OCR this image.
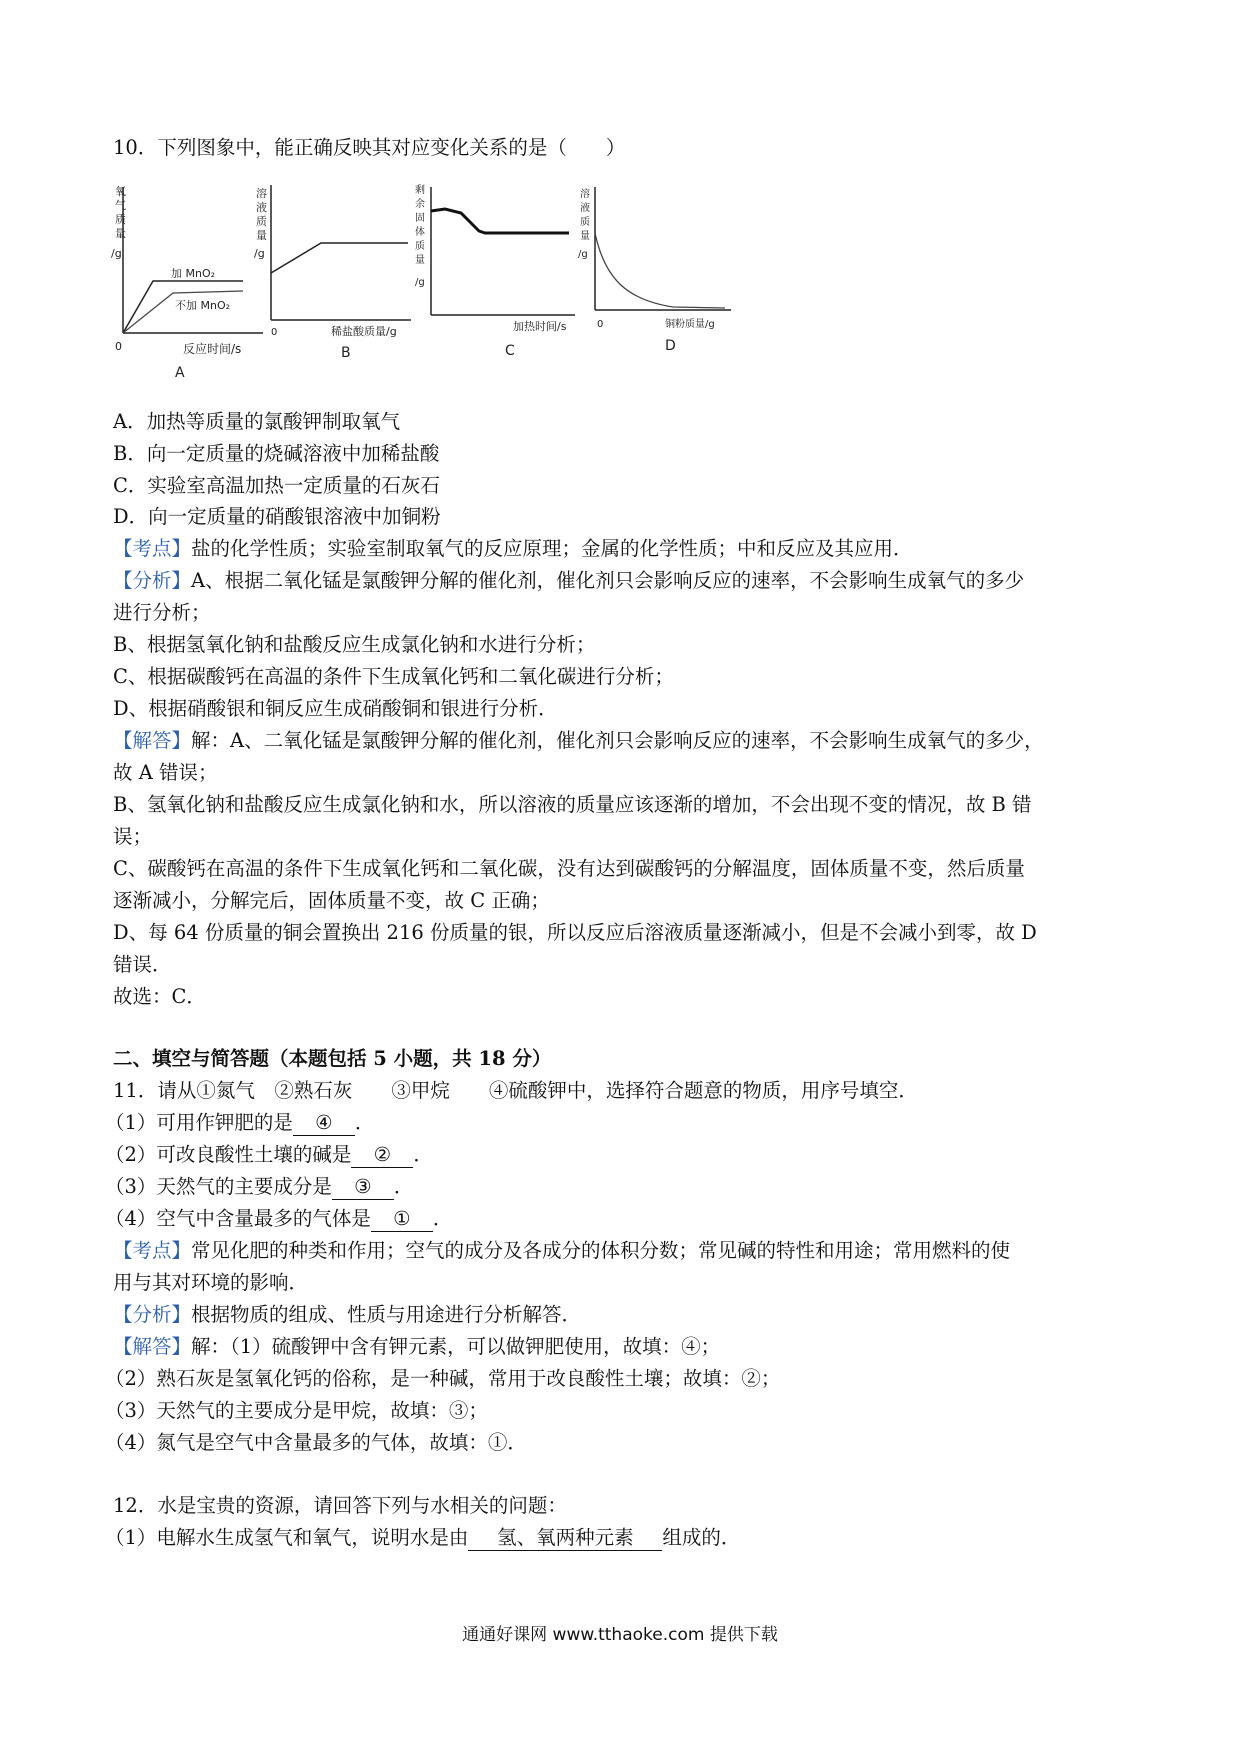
10．下列图象中，能正确反映其对应变化关系的是（　　）
氧
气
质
量
/g
加 MnO₂
不加 MnO₂
0	反应时间/s
A
溶
液
质
量
/g
0	稀盐酸质量/g
B
剩
余
固
体
质
量
/g
加热时间/s
C
溶
液
质
量
/g
0	铜粉质量/g
D
A．加热等质量的氯酸钾制取氧气
B．向一定质量的烧碱溶液中加稀盐酸
C．实验室高温加热一定质量的石灰石
D．向一定质量的硝酸银溶液中加铜粉
【考点】盐的化学性质；实验室制取氧气的反应原理；金属的化学性质；中和反应及其应用．
【分析】A、根据二氧化锰是氯酸钾分解的催化剂，催化剂只会影响反应的速率，不会影响生成氧气的多少
进行分析；
B、根据氢氧化钠和盐酸反应生成氯化钠和水进行分析；
C、根据碳酸钙在高温的条件下生成氧化钙和二氧化碳进行分析；
D、根据硝酸银和铜反应生成硝酸铜和银进行分析．
【解答】解：A、二氧化锰是氯酸钾分解的催化剂，催化剂只会影响反应的速率，不会影响生成氧气的多少，
故 A 错误；
B、氢氧化钠和盐酸反应生成氯化钠和水，所以溶液的质量应该逐渐的增加，不会出现不变的情况，故 B 错
误；
C、碳酸钙在高温的条件下生成氧化钙和二氧化碳，没有达到碳酸钙的分解温度，固体质量不变，然后质量
逐渐减小，分解完后，固体质量不变，故 C 正确；
D、每 64 份质量的铜会置换出 216 份质量的银，所以反应后溶液质量逐渐减小，但是不会减小到零，故 D
错误．
故选：C．
二、填空与简答题（本题包括 5 小题，共 18 分）
11．请从①氮气　②熟石灰　　③甲烷　　④硫酸钾中，选择符合题意的物质，用序号填空．
（1）可用作钾肥的是 ④ ．
（2）可改良酸性土壤的碱是 ② ．
（3）天然气的主要成分是 ③ ．
（4）空气中含量最多的气体是 ① ．
【考点】常见化肥的种类和作用；空气的成分及各成分的体积分数；常见碱的特性和用途；常用燃料的使
用与其对环境的影响．
【分析】根据物质的组成、性质与用途进行分析解答．
【解答】解：（1）硫酸钾中含有钾元素，可以做钾肥使用，故填：④；
（2）熟石灰是氢氧化钙的俗称，是一种碱，常用于改良酸性土壤；故填：②；
（3）天然气的主要成分是甲烷，故填：③；
（4）氮气是空气中含量最多的气体，故填：①．
12．水是宝贵的资源，请回答下列与水相关的问题：
（1）电解水生成氢气和氧气，说明水是由 氢、氧两种元素 组成的．
通通好课网 www.tthaoke.com 提供下载
